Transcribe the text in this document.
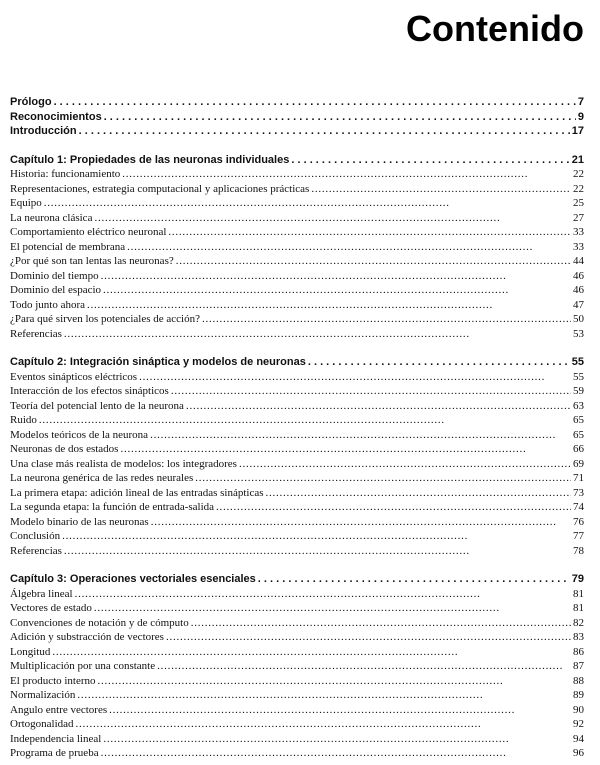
Contenido
Prólogo . . .	7
Reconocimientos . . .	9
Introducción . . .	17
Capítulo 1: Propiedades de las neuronas individuales . . .	21
Historia: funcionamiento . . .	22
Representaciones, estrategia computacional y aplicaciones prácticas . . .	22
Equipo . . .	25
La neurona clásica . . .	27
Comportamiento eléctrico neuronal . . .	33
El potencial de membrana . . .	33
¿Por qué son tan lentas las neuronas? . . .	44
Dominio del tiempo . . .	46
Dominio del espacio . . .	46
Todo junto ahora . . .	47
¿Para qué sirven los potenciales de acción? . . .	50
Referencias . . .	53
Capítulo 2: Integración sináptica y modelos de neuronas . . .	55
Eventos sinápticos eléctricos . . .	55
Interacción de los efectos sinápticos . . .	59
Teoría del potencial lento de la neurona . . .	63
Ruido . . .	65
Modelos teóricos de la neurona . . .	65
Neuronas de dos estados . . .	66
Una clase más realista de modelos: los integradores . . .	69
La neurona genérica de las redes neurales . . .	71
La primera etapa: adición lineal de las entradas sinápticas . . .	73
La segunda etapa: la función de entrada-salida . . .	74
Modelo binario de las neuronas . . .	76
Conclusión . . .	77
Referencias . . .	78
Capítulo 3: Operaciones vectoriales esenciales . . .	79
Álgebra lineal . . .	81
Vectores de estado . . .	81
Convenciones de notación y de cómputo . . .	82
Adición y substracción de vectores . . .	83
Longitud . . .	86
Multiplicación por una constante . . .	87
El producto interno . . .	88
Normalización . . .	89
Angulo entre vectores . . .	90
Ortogonalidad . . .	92
Independencia lineal . . .	94
Programa de prueba . . .	96
